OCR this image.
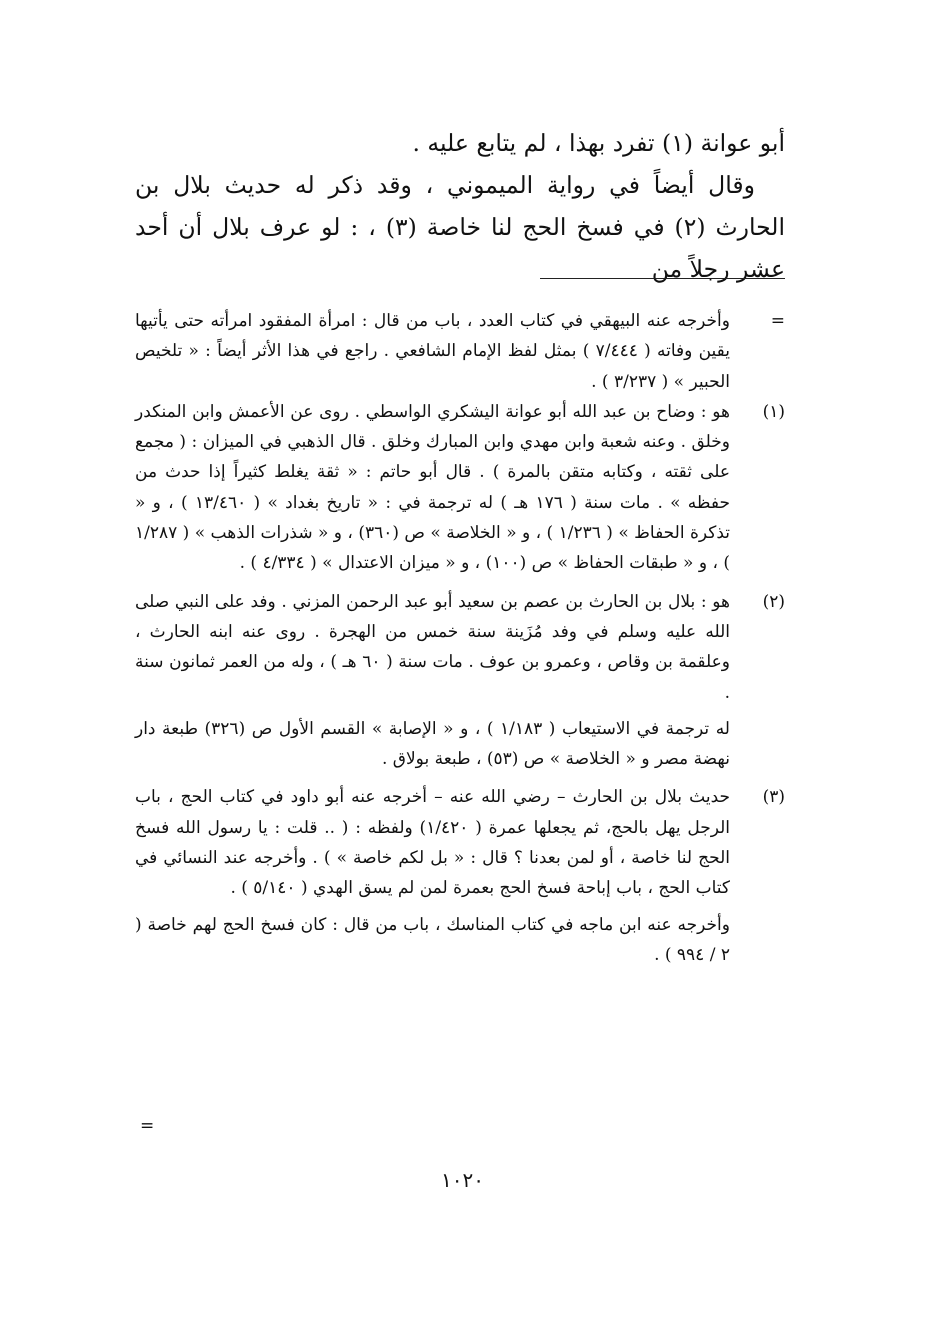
أبو عوانة (١) تفرد بهذا ، لم يتابع عليه .

وقال أيضاً في رواية الميموني ، وقد ذكر له حديث بلال بن الحارث (٢) في فسخ الحج لنا خاصة (٣) ، : لو عرف بلال أن أحد عشر رجلاً من

=

وأخرجه عنه البيهقي في كتاب العدد ، باب من قال : امرأة المفقود امرأته حتى يأتيها يقين وفاته ( ٧/٤٤٤ ) بمثل لفظ الإمام الشافعي . راجع في هذا الأثر أيضاً : « تلخيص الحبير » ( ٣/٢٣٧ ) .

(١)

هو : وضاح بن عبد الله أبو عوانة اليشكري الواسطي . روى عن الأعمش وابن المنكدر وخلق . وعنه شعبة وابن مهدي وابن المبارك وخلق . قال الذهبي في الميزان : ( مجمع على ثقته ، وكتابه متقن بالمرة ) . قال أبو حاتم : « ثقة يغلط كثيراً إذا حدث من حفظه » . مات سنة ( ١٧٦ هـ ) له ترجمة في : « تاريخ بغداد » ( ١٣/٤٦٠ ) ، و « تذكرة الحفاظ » ( ١/٢٣٦ ) ، و « الخلاصة » ص (٣٦٠) ، و « شذرات الذهب » ( ١/٢٨٧ ) ، و « طبقات الحفاظ » ص (١٠٠) ، و « ميزان الاعتدال » ( ٤/٣٣٤ ) .

(٢)

هو : بلال بن الحارث بن عصم بن سعيد أبو عبد الرحمن المزني . وفد على النبي صلى الله عليه وسلم في وفد مُزَينة سنة خمس من الهجرة . روى عنه ابنه الحارث ، وعلقمة بن وقاص ، وعمرو بن عوف . مات سنة ( ٦٠ هـ ) ، وله من العمر ثمانون سنة .

له ترجمة في الاستيعاب ( ١/١٨٣ ) ، و « الإصابة » القسم الأول ص (٣٢٦) طبعة دار نهضة مصر و « الخلاصة » ص (٥٣) ، طبعة بولاق .

(٣)

حديث بلال بن الحارث – رضي الله عنه – أخرجه عنه أبو داود في كتاب الحج ، باب الرجل يهل بالحج، ثم يجعلها عمرة ( ١/٤٢٠) ولفظه : ( .. قلت : يا رسول الله فسخ الحج لنا خاصة ، أو لمن بعدنا ؟ قال : « بل لكم خاصة » ) . وأخرجه عند النسائي في كتاب الحج ، باب إباحة فسخ الحج بعمرة لمن لم يسق الهدي ( ٥/١٤٠ ) .

وأخرجه عنه ابن ماجه في كتاب المناسك ، باب من قال : كان فسخ الحج لهم خاصة ( ٢ / ٩٩٤ ) .

=
١٠٢٠
